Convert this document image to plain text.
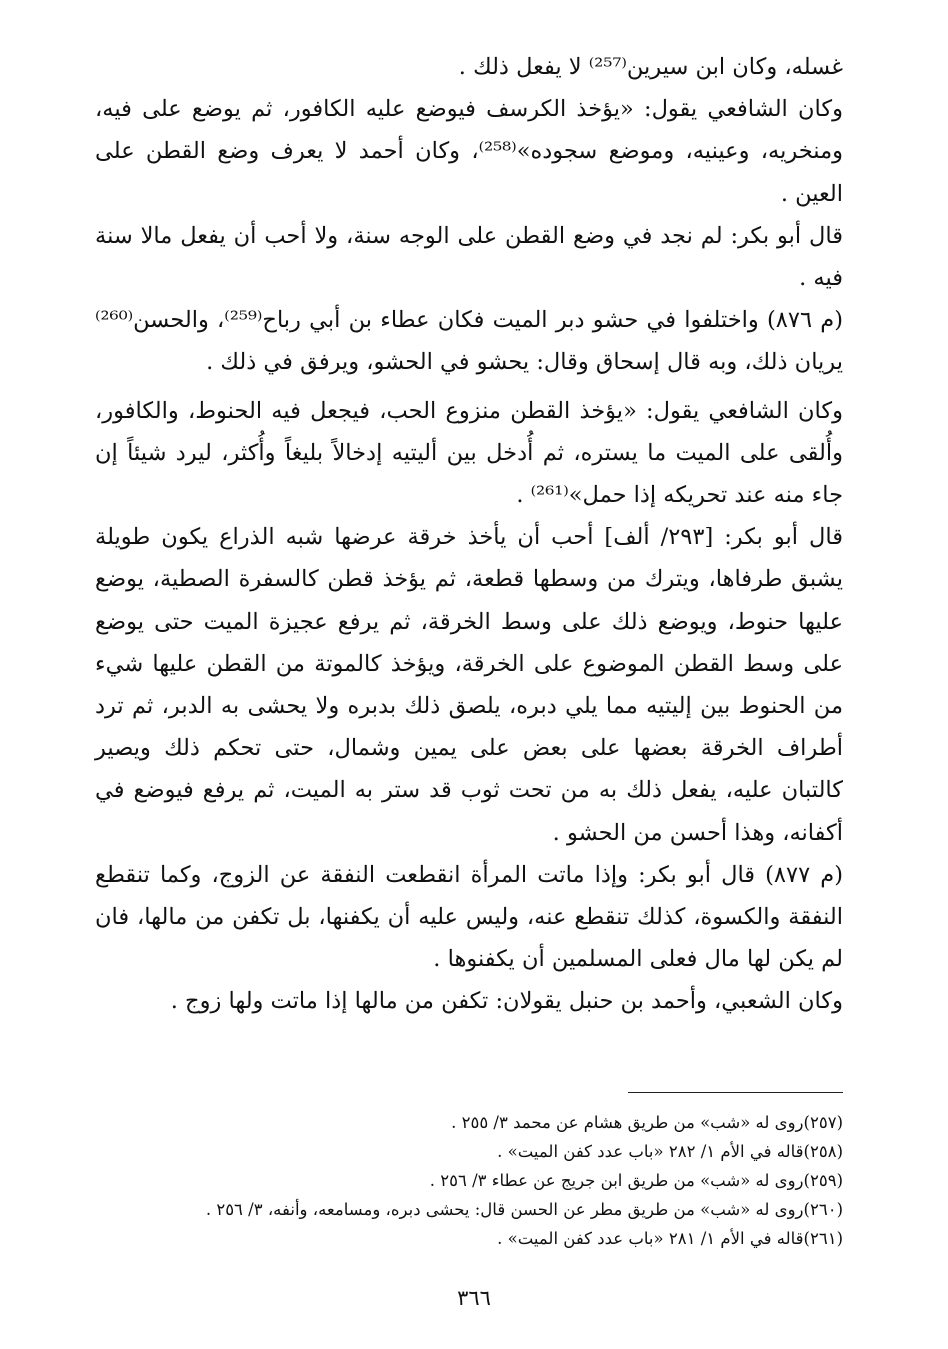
غسله، وكان ابن سيرين⁽²⁵⁷⁾ لا يفعل ذلك .

وكان الشافعي يقول: «يؤخذ الكرسف فيوضع عليه الكافور، ثم يوضع على فيه، ومنخريه، وعينيه، وموضع سجوده»⁽²⁵⁸⁾، وكان أحمد لا يعرف وضع القطن على العين .

قال أبو بكر: لم نجد في وضع القطن على الوجه سنة، ولا أحب أن يفعل مالا سنة فيه .

(م ٨٧٦) واختلفوا في حشو دبر الميت فكان عطاء بن أبي رباح⁽²⁵⁹⁾، والحسن⁽²⁶⁰⁾ يريان ذلك، وبه قال إسحاق وقال: يحشو في الحشو، ويرفق في ذلك .

وكان الشافعي يقول: «يؤخذ القطن منزوع الحب، فيجعل فيه الحنوط، والكافور، وأُلقى على الميت ما يستره، ثم أُدخل بين أليتيه إدخالاً بليغاً وأُكثر، ليرد شيئاً إن جاء منه عند تحريكه إذا حمل»⁽²⁶¹⁾ .

قال أبو بكر: [٢٩٣/ ألف] أحب أن يأخذ خرقة عرضها شبه الذراع يكون طويلة يشبق طرفاها، ويترك من وسطها قطعة، ثم يؤخذ قطن كالسفرة الصطية، يوضع عليها حنوط، ويوضع ذلك على وسط الخرقة، ثم يرفع عجيزة الميت حتى يوضع على وسط القطن الموضوع على الخرقة، ويؤخذ كالموتة من القطن عليها شيء من الحنوط بين إليتيه مما يلي دبره، يلصق ذلك بدبره ولا يحشى به الدبر، ثم ترد أطراف الخرقة بعضها على بعض على يمين وشمال، حتى تحكم ذلك ويصير كالتبان عليه، يفعل ذلك به من تحت ثوب قد ستر به الميت، ثم يرفع فيوضع في أكفانه، وهذا أحسن من الحشو .

(م ٨٧٧) قال أبو بكر: وإذا ماتت المرأة انقطعت النفقة عن الزوج، وكما تنقطع النفقة والكسوة، كذلك تنقطع عنه، وليس عليه أن يكفنها، بل تكفن من مالها، فان لم يكن لها مال فعلى المسلمين أن يكفنوها .

وكان الشعبي، وأحمد بن حنبل يقولان: تكفن من مالها إذا ماتت ولها زوج .

(٢٥٧)روى له «شب» من طريق هشام عن محمد ٣/ ٢٥٥ .
(٢٥٨)قاله في الأم ١/ ٢٨٢ «باب عدد كفن الميت» .
(٢٥٩)روى له «شب» من طريق ابن جريج عن عطاء ٣/ ٢٥٦ .
(٢٦٠)روى له «شب» من طريق مطر عن الحسن قال: يحشى دبره، ومسامعه، وأنفه، ٣/ ٢٥٦ .
(٢٦١)قاله في الأم ١/ ٢٨١ «باب عدد كفن الميت» .
٣٦٦
